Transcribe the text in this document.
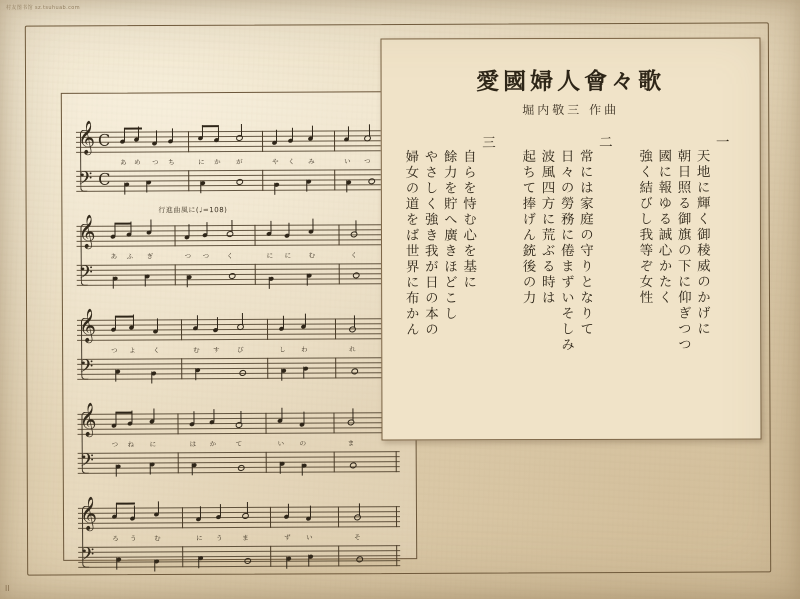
村友图书馆 sz.tsuhuab.com
ll
行進曲風に(♩=108)
𝄞 C
あ め つ ち	に か が	や く み	い つ
𝄢 C
𝄞
あ ふ ぎ	つ つ	く	に に	む	く
𝄢
𝄞
つ よ	く	む す	び	し わ	れ
𝄢
𝄞
つ ね に	は か	て	い の	ま
𝄢
𝄞
ろ う	む	に う	ま	ず い	そ
𝄢
愛國婦人會々歌
堀内敬三 作曲
一
天地に輝く御稜威のかげに
朝日照る御旗の下に仰ぎつつ
國に報ゆる誠心かたく
強く結びし我等ぞ女性
二
常には家庭の守りとなりて
日々の勞務に倦まずいそしみ
波風四方に荒ぶる時は
起ちて捧げん銃後の力
三
自らを恃む心を基に
餘力を貯へ廣きほどこし
やさしく強き我が日の本の
婦女の道をば世界に布かん
